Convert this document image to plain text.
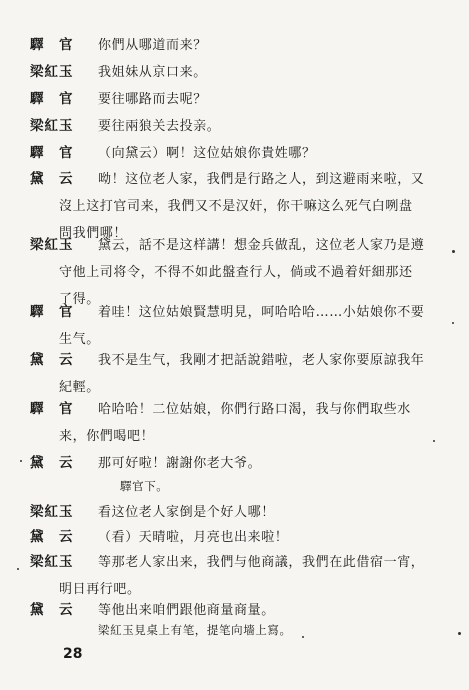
驛　官	你們从哪道而来？
梁紅玉	我姐妹从京口来。
驛　官	要往哪路而去呢？
梁紅玉	要往兩狼关去投亲。
驛　官	（向黛云）啊！这位姑娘你貴姓哪？
黛　云	呦！这位老人家，我們是行路之人，到这避雨来啦，又
沒上这打官司来，我們又不是汉奸，你干嘛这么死气白咧盘
問我們哪！
梁紅玉	黛云，話不是这样講！想金兵做乱，这位老人家乃是遵
守他上司将令，不得不如此盤查行人，倘或不過着奸細那还
了得。
驛　官	着哇！这位姑娘賢慧明見，呵哈哈哈……小姑娘你不要
生气。
黛　云	我不是生气，我剛才把話說錯啦，老人家你要原諒我年
紀輕。
驛　官	哈哈哈！二位姑娘，你們行路口渴，我与你們取些水
来，你們喝吧！
黛　云	那可好啦！謝謝你老大爷。
驛官下。
梁紅玉	看这位老人家倒是个好人哪！
黛　云	（看）天晴啦，月亮也出来啦！
梁紅玉	等那老人家出来，我們与他商議，我們在此借宿一宵，
明日再行吧。
黛　云	等他出来咱們跟他商量商量。
梁紅玉見桌上有笔，提笔向墻上寫。
28
